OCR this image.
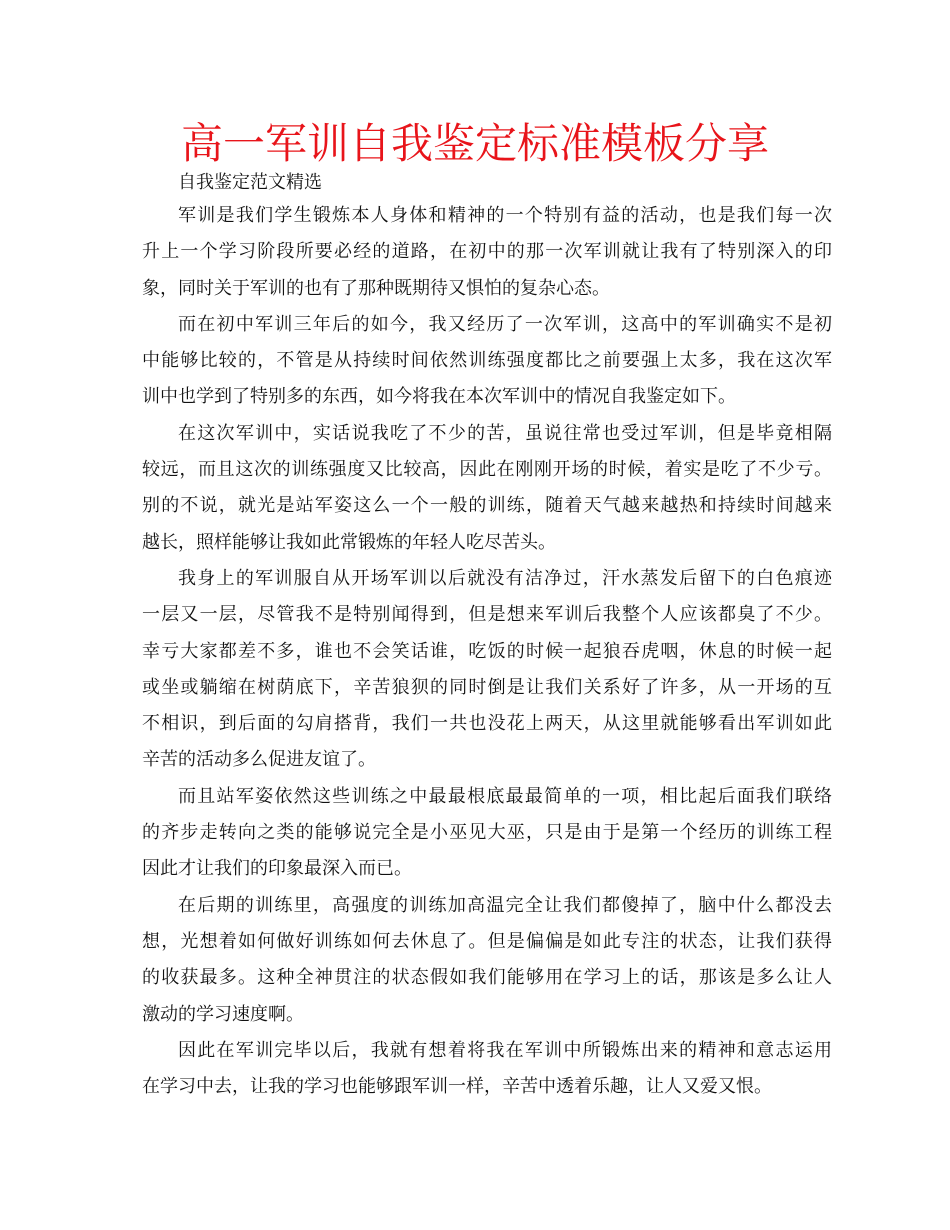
高一军训自我鉴定标准模板分享
自我鉴定范文精选
军训是我们学生锻炼本人身体和精神的一个特别有益的活动，也是我们每一次
升上一个学习阶段所要必经的道路，在初中的那一次军训就让我有了特别深入的印
象，同时关于军训的也有了那种既期待又惧怕的复杂心态。
而在初中军训三年后的如今，我又经历了一次军训，这高中的军训确实不是初
中能够比较的，不管是从持续时间依然训练强度都比之前要强上太多，我在这次军
训中也学到了特别多的东西，如今将我在本次军训中的情况自我鉴定如下。
在这次军训中，实话说我吃了不少的苦，虽说往常也受过军训，但是毕竟相隔
较远，而且这次的训练强度又比较高，因此在刚刚开场的时候，着实是吃了不少亏。
别的不说，就光是站军姿这么一个一般的训练，随着天气越来越热和持续时间越来
越长，照样能够让我如此常锻炼的年轻人吃尽苦头。
我身上的军训服自从开场军训以后就没有洁净过，汗水蒸发后留下的白色痕迹
一层又一层，尽管我不是特别闻得到，但是想来军训后我整个人应该都臭了不少。
幸亏大家都差不多，谁也不会笑话谁，吃饭的时候一起狼吞虎咽，休息的时候一起
或坐或躺缩在树荫底下，辛苦狼狈的同时倒是让我们关系好了许多，从一开场的互
不相识，到后面的勾肩搭背，我们一共也没花上两天，从这里就能够看出军训如此
辛苦的活动多么促进友谊了。
而且站军姿依然这些训练之中最最根底最最简单的一项，相比起后面我们联络
的齐步走转向之类的能够说完全是小巫见大巫，只是由于是第一个经历的训练工程
因此才让我们的印象最深入而已。
在后期的训练里，高强度的训练加高温完全让我们都傻掉了，脑中什么都没去
想，光想着如何做好训练如何去休息了。但是偏偏是如此专注的状态，让我们获得
的收获最多。这种全神贯注的状态假如我们能够用在学习上的话，那该是多么让人
激动的学习速度啊。
因此在军训完毕以后，我就有想着将我在军训中所锻炼出来的精神和意志运用
在学习中去，让我的学习也能够跟军训一样，辛苦中透着乐趣，让人又爱又恨。
